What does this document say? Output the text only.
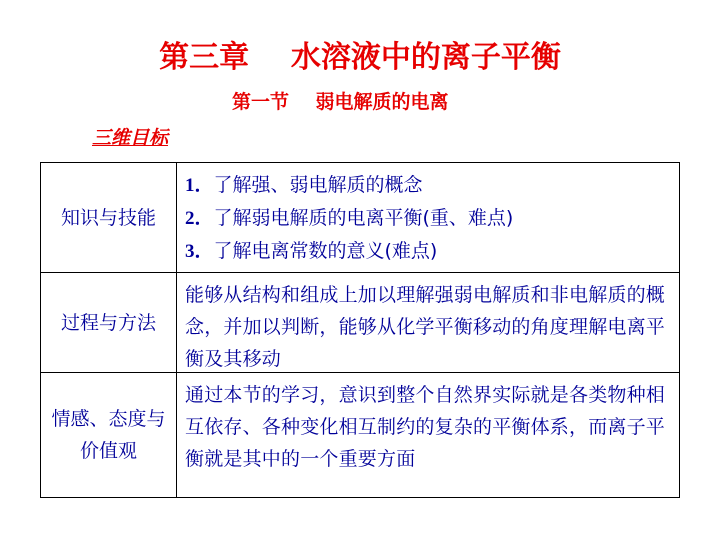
第三章    水溶液中的离子平衡
第一节    弱电解质的电离
三维目标
知识与技能
1．了解强、弱电解质的概念
2．了解弱电解质的电离平衡(重、难点)
3．了解电离常数的意义(难点)
过程与方法
能够从结构和组成上加以理解强弱电解质和非电解质的概念，并加以判断，能够从化学平衡移动的角度理解电离平衡及其移动
情感、态度与价值观
通过本节的学习，意识到整个自然界实际就是各类物种相互依存、各种变化相互制约的复杂的平衡体系，而离子平衡就是其中的一个重要方面
